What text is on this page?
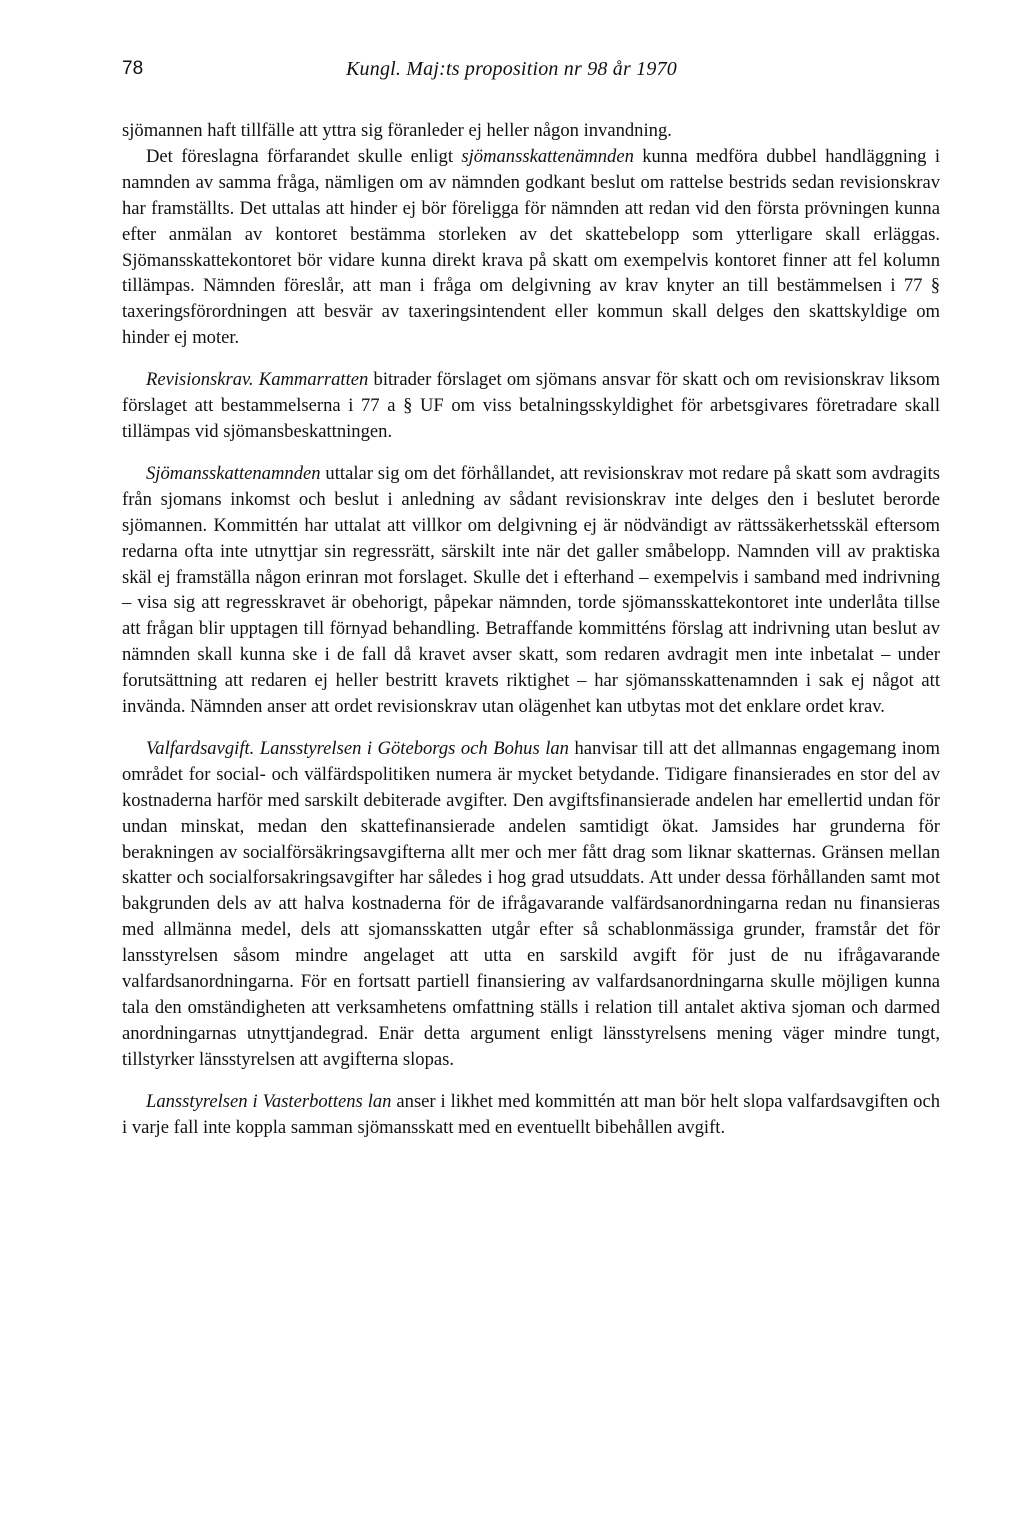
78	Kungl. Maj:ts proposition nr 98 år 1970

sjömannen haft tillfälle att yttra sig föranleder ej heller någon invandning.

Det föreslagna förfarandet skulle enligt sjömansskattenämnden kunna medföra dubbel handläggning i namnden av samma fråga, nämligen om av nämnden godkant beslut om rattelse bestrids sedan revisionskrav har framställts. Det uttalas att hinder ej bör föreligga för nämnden att redan vid den första prövningen kunna efter anmälan av kontoret bestämma storleken av det skattebelopp som ytterligare skall erläggas. Sjömansskattekontoret bör vidare kunna direkt krava på skatt om exempelvis kontoret finner att fel kolumn tillämpas. Nämnden föreslår, att man i fråga om delgivning av krav knyter an till bestämmelsen i 77 § taxeringsförordningen att besvär av taxeringsintendent eller kommun skall delges den skattskyldige om hinder ej moter.

Revisionskrav. Kammarratten bitrader förslaget om sjömans ansvar för skatt och om revisionskrav liksom förslaget att bestammelserna i 77 a § UF om viss betalningsskyldighet för arbetsgivares företradare skall tillämpas vid sjömansbeskattningen.

Sjömansskattenamnden uttalar sig om det förhållandet, att revisionskrav mot redare på skatt som avdragits från sjomans inkomst och beslut i anledning av sådant revisionskrav inte delges den i beslutet berorde sjömannen. Kommittén har uttalat att villkor om delgivning ej är nödvändigt av rättssäkerhetsskäl eftersom redarna ofta inte utnyttjar sin regressrätt, särskilt inte när det galler småbelopp. Namnden vill av praktiska skäl ej framställa någon erinran mot forslaget. Skulle det i efterhand – exempelvis i samband med indrivning – visa sig att regresskravet är obehorigt, påpekar nämnden, torde sjömansskattekontoret inte underlåta tillse att frågan blir upptagen till förnyad behandling. Betraffande kommitténs förslag att indrivning utan beslut av nämnden skall kunna ske i de fall då kravet avser skatt, som redaren avdragit men inte inbetalat – under forutsättning att redaren ej heller bestritt kravets riktighet – har sjömansskattenamnden i sak ej något att invända. Nämnden anser att ordet revisionskrav utan olägenhet kan utbytas mot det enklare ordet krav.

Valfardsavgift. Lansstyrelsen i Göteborgs och Bohus lan hanvisar till att det allmannas engagemang inom området for social- och välfärdspolitiken numera är mycket betydande. Tidigare finansierades en stor del av kostnaderna harför med sarskilt debiterade avgifter. Den avgiftsfinansierade andelen har emellertid undan för undan minskat, medan den skattefinansierade andelen samtidigt ökat. Jamsides har grunderna för berakningen av socialförsäkringsavgifterna allt mer och mer fått drag som liknar skatternas. Gränsen mellan skatter och socialforsakringsavgifter har således i hog grad utsuddats. Att under dessa förhållanden samt mot bakgrunden dels av att halva kostnaderna för de ifrågavarande valfärdsanordningarna redan nu finansieras med allmänna medel, dels att sjomansskatten utgår efter så schablonmässiga grunder, framstår det för lansstyrelsen såsom mindre angelaget att utta en sarskild avgift för just de nu ifrågavarande valfardsanordningarna. För en fortsatt partiell finansiering av valfardsanordningarna skulle möjligen kunna tala den omständigheten att verksamhetens omfattning ställs i relation till antalet aktiva sjoman och darmed anordningarnas utnyttjandegrad. Enär detta argument enligt länsstyrelsens mening väger mindre tungt, tillstyrker länsstyrelsen att avgifterna slopas.

Lansstyrelsen i Vasterbottens lan anser i likhet med kommittén att man bör helt slopa valfardsavgiften och i varje fall inte koppla samman sjömansskatt med en eventuellt bibehållen avgift.
